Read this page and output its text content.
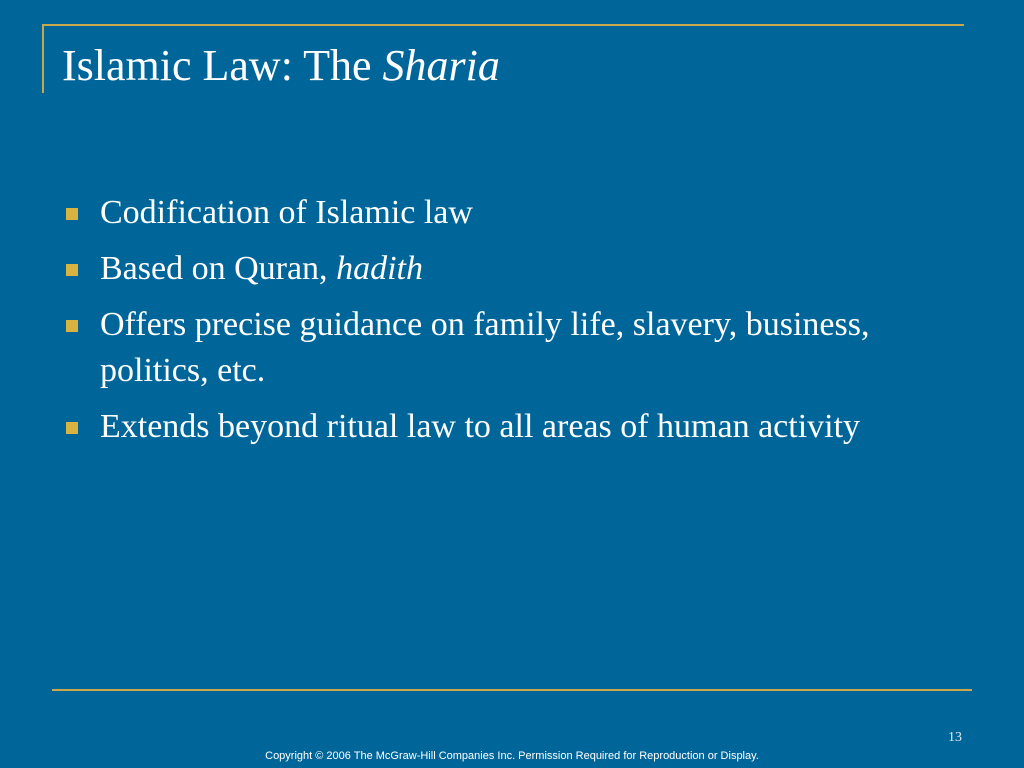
Islamic Law: The Sharia
Codification of Islamic law
Based on Quran, hadith
Offers precise guidance on family life, slavery, business, politics, etc.
Extends beyond ritual law to all areas of human activity
13
Copyright © 2006 The McGraw-Hill Companies Inc. Permission Required for Reproduction or Display.
